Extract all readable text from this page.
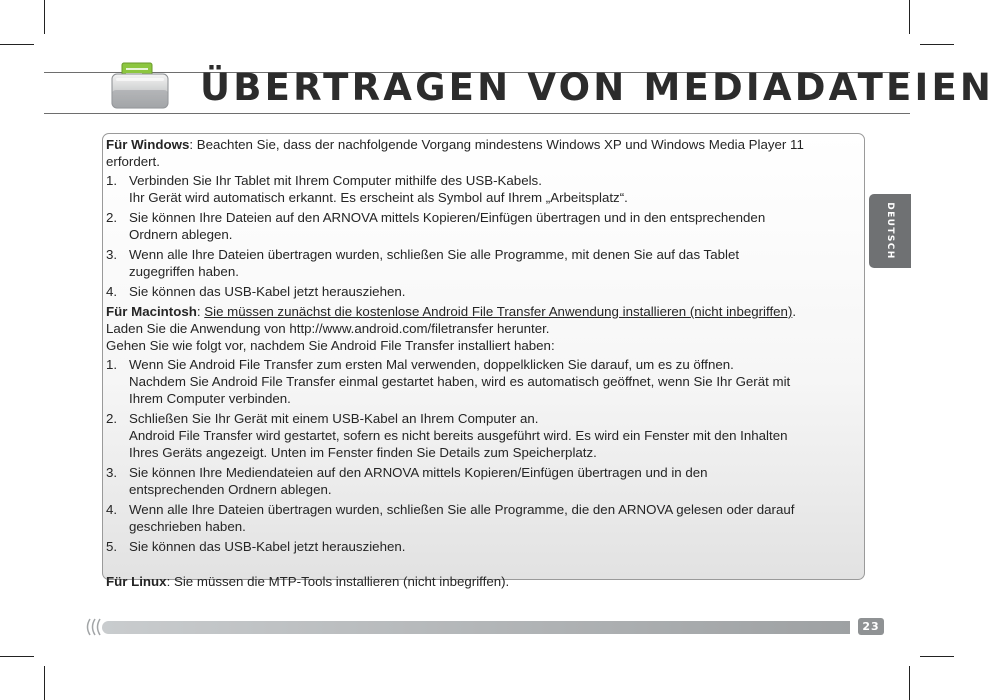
ÜBERTRAGEN VON MEDIADATEIEN
DEUTSCH

Für Windows: Beachten Sie, dass der nachfolgende Vorgang mindestens Windows XP und Windows Media Player 11

erfordert.

1. Verbinden Sie Ihr Tablet mit Ihrem Computer mithilfe des USB-Kabels.
Ihr Gerät wird automatisch erkannt. Es erscheint als Symbol auf Ihrem „Arbeitsplatz“.
2. Sie können Ihre Dateien auf den ARNOVA mittels Kopieren/Einfügen übertragen und in den entsprechenden
Ordnern ablegen.
3. Wenn alle Ihre Dateien übertragen wurden, schließen Sie alle Programme, mit denen Sie auf das Tablet
zugegriffen haben.
4. Sie können das USB-Kabel jetzt herausziehen.

Für Macintosh: Sie müssen zunächst die kostenlose Android File Transfer Anwendung installieren (nicht inbegriffen).

Laden Sie die Anwendung von http://www.android.com/filetransfer herunter.

Gehen Sie wie folgt vor, nachdem Sie Android File Transfer installiert haben:

1. Wenn Sie Android File Transfer zum ersten Mal verwenden, doppelklicken Sie darauf, um es zu öffnen.
Nachdem Sie Android File Transfer einmal gestartet haben, wird es automatisch geöffnet, wenn Sie Ihr Gerät mit
Ihrem Computer verbinden.
2. Schließen Sie Ihr Gerät mit einem USB-Kabel an Ihrem Computer an.
Android File Transfer wird gestartet, sofern es nicht bereits ausgeführt wird. Es wird ein Fenster mit den Inhalten
Ihres Geräts angezeigt. Unten im Fenster finden Sie Details zum Speicherplatz.
3. Sie können Ihre Mediendateien auf den ARNOVA mittels Kopieren/Einfügen übertragen und in den
entsprechenden Ordnern ablegen.
4. Wenn alle Ihre Dateien übertragen wurden, schließen Sie alle Programme, die den ARNOVA gelesen oder darauf
geschrieben haben.
5. Sie können das USB-Kabel jetzt herausziehen.

Für Linux: Sie müssen die MTP-Tools installieren (nicht inbegriffen).

23
